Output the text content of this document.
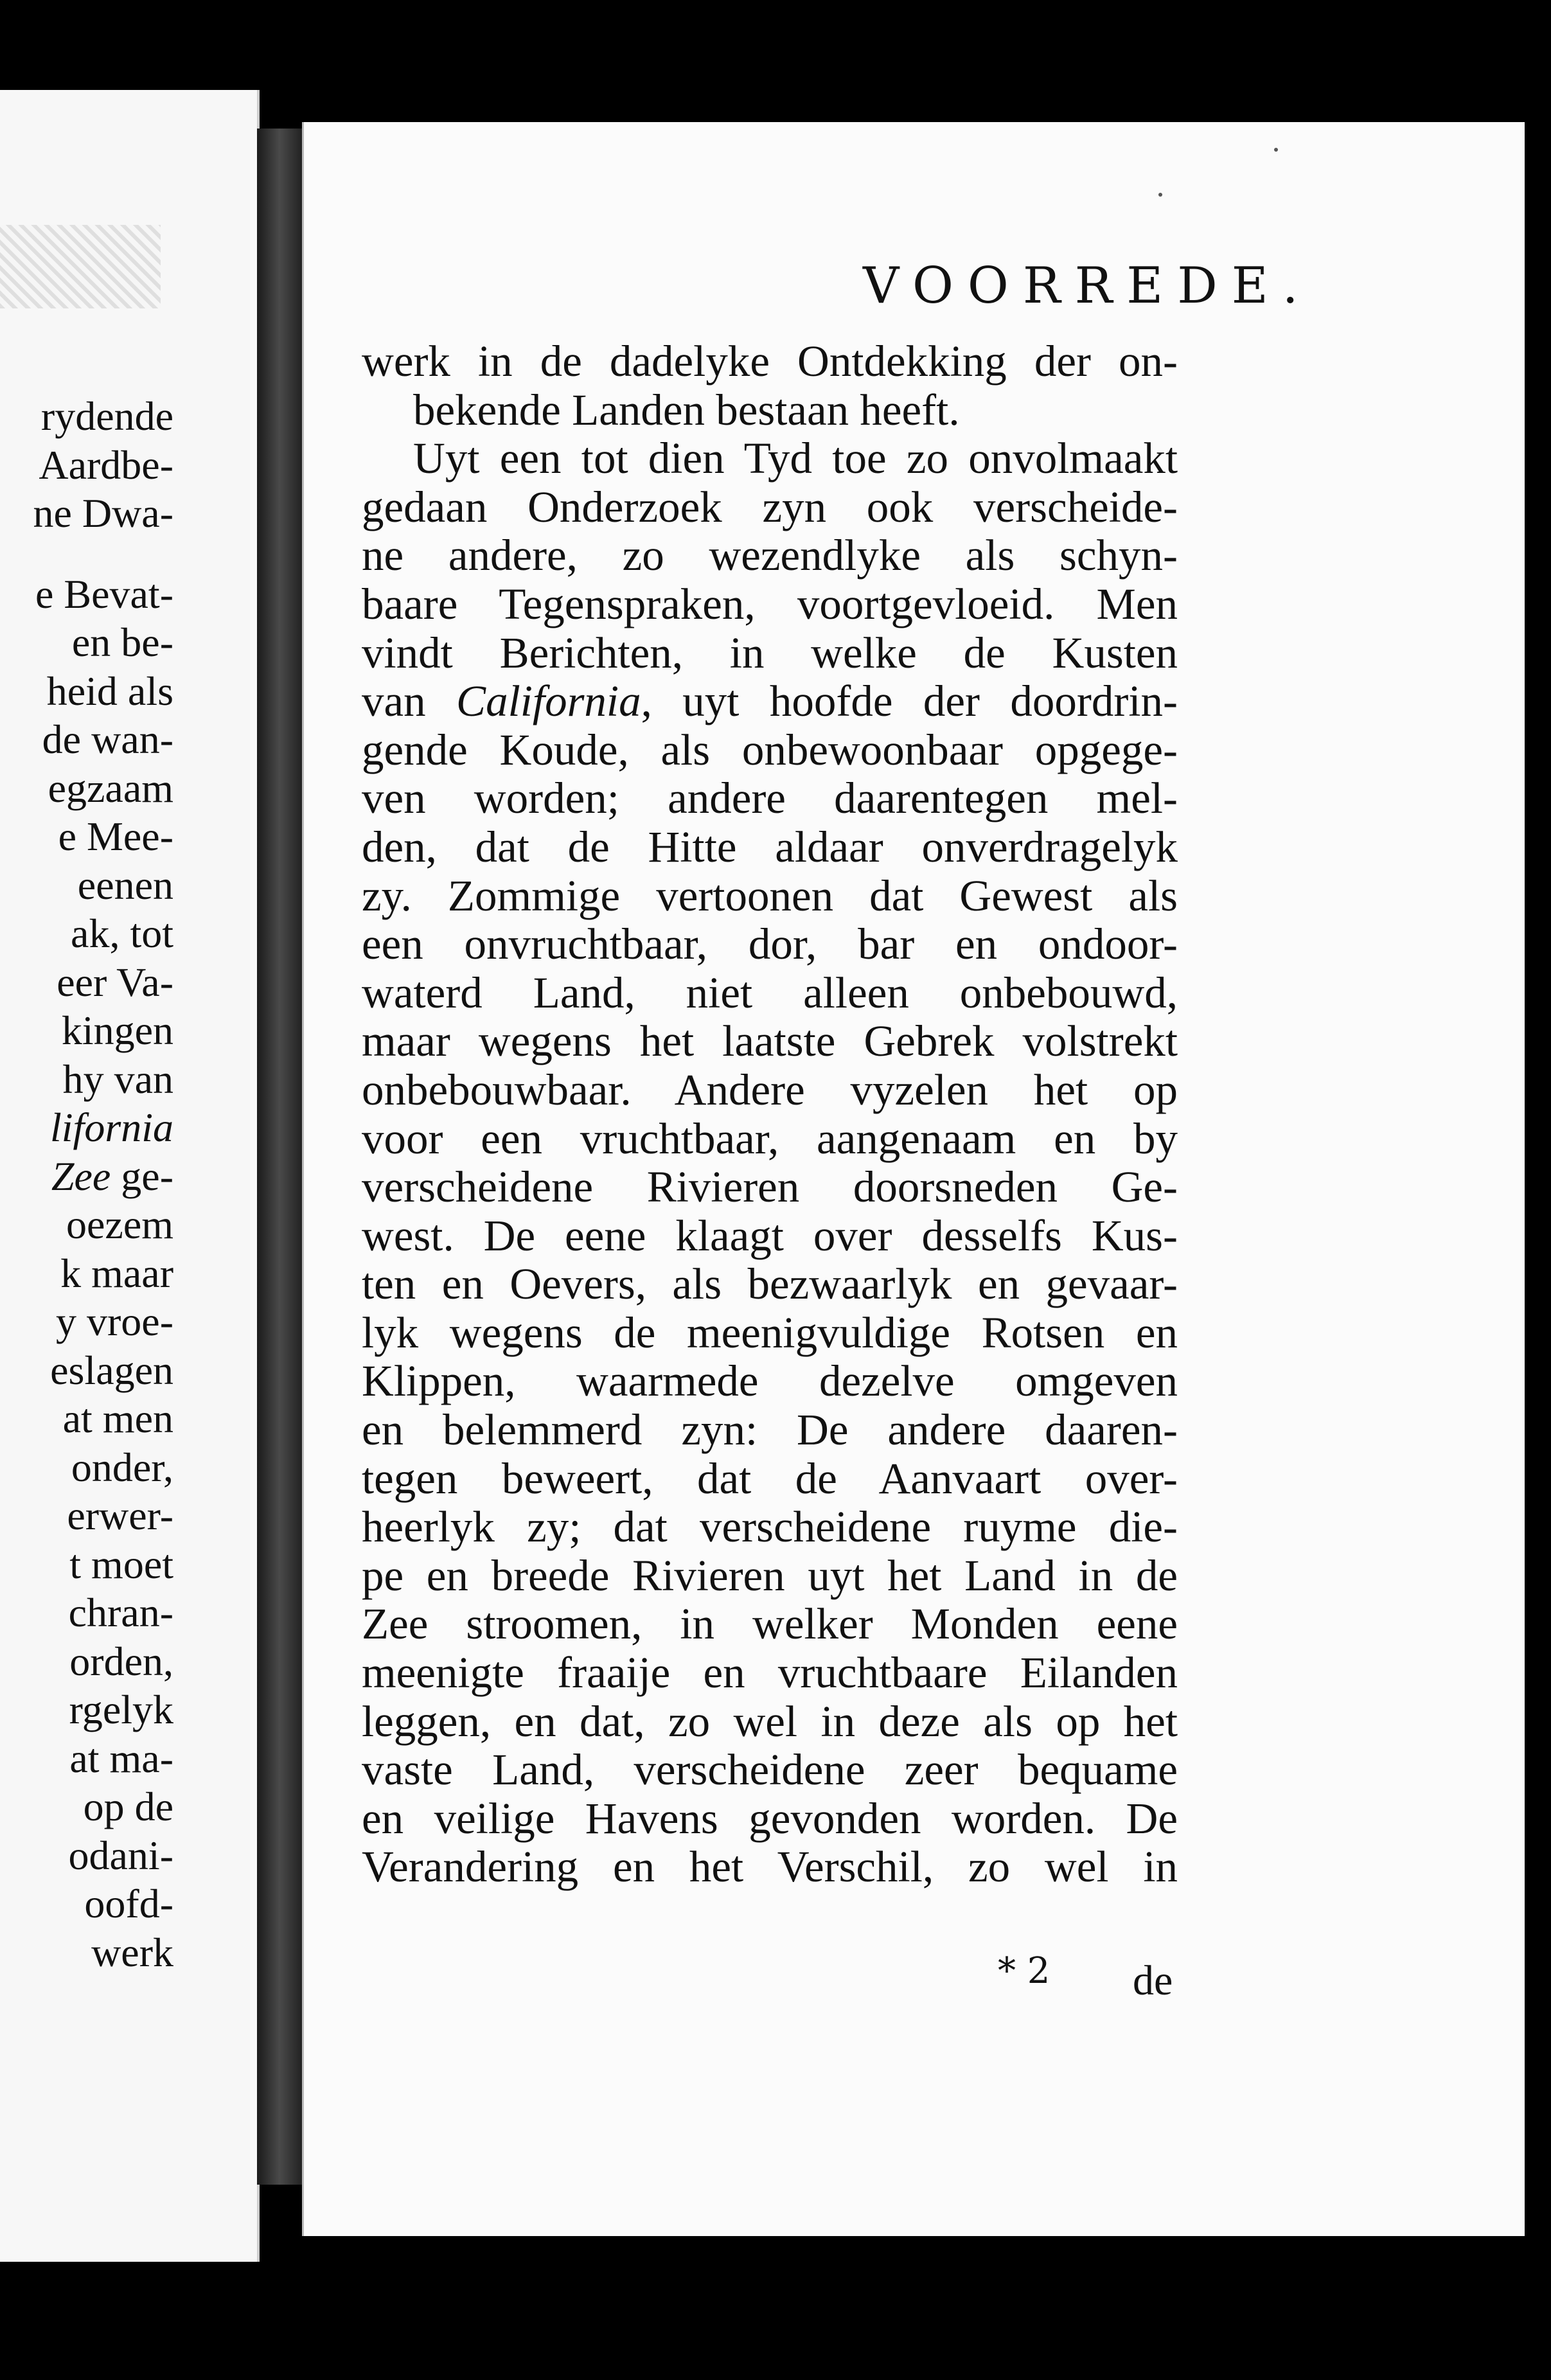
rydende
Aardbe-
ne Dwa-
e Bevat-
en be-
heid als
de wan-
egzaam
e Mee-
eenen
ak, tot
eer Va-
kingen
hy van
lifornia
Zee ge-
oezem
k maar
y vroe-
eslagen
at men
onder,
erwer-
t moet
chran-
orden,
rgelyk
at ma-
op de
odani-
oofd-
werk
VOORREDE.
werk in de dadelyke Ontdekking der on-
bekende Landen bestaan heeft.
Uyt een tot dien Tyd toe zo onvolmaakt
gedaan Onderzoek zyn ook verscheide-
ne andere, zo wezendlyke als schyn-
baare Tegenspraken, voortgevloeid. Men
vindt Berichten, in welke de Kusten
van California, uyt hoofde der doordrin-
gende Koude, als onbewoonbaar opgege-
ven worden; andere daarentegen mel-
den, dat de Hitte aldaar onverdragelyk
zy. Zommige vertoonen dat Gewest als
een onvruchtbaar, dor, bar en ondoor-
waterd Land, niet alleen onbebouwd,
maar wegens het laatste Gebrek volstrekt
onbebouwbaar. Andere vyzelen het op
voor een vruchtbaar, aangenaam en by
verscheidene Rivieren doorsneden Ge-
west. De eene klaagt over desselfs Kus-
ten en Oevers, als bezwaarlyk en gevaar-
lyk wegens de meenigvuldige Rotsen en
Klippen, waarmede dezelve omgeven
en belemmerd zyn: De andere daaren-
tegen beweert, dat de Aanvaart over-
heerlyk zy; dat verscheidene ruyme die-
pe en breede Rivieren uyt het Land in de
Zee stroomen, in welker Monden eene
meenigte fraaije en vruchtbaare Eilanden
leggen, en dat, zo wel in deze als op het
vaste Land, verscheidene zeer bequame
en veilige Havens gevonden worden. De
Verandering en het Verschil, zo wel in
* 2 de
